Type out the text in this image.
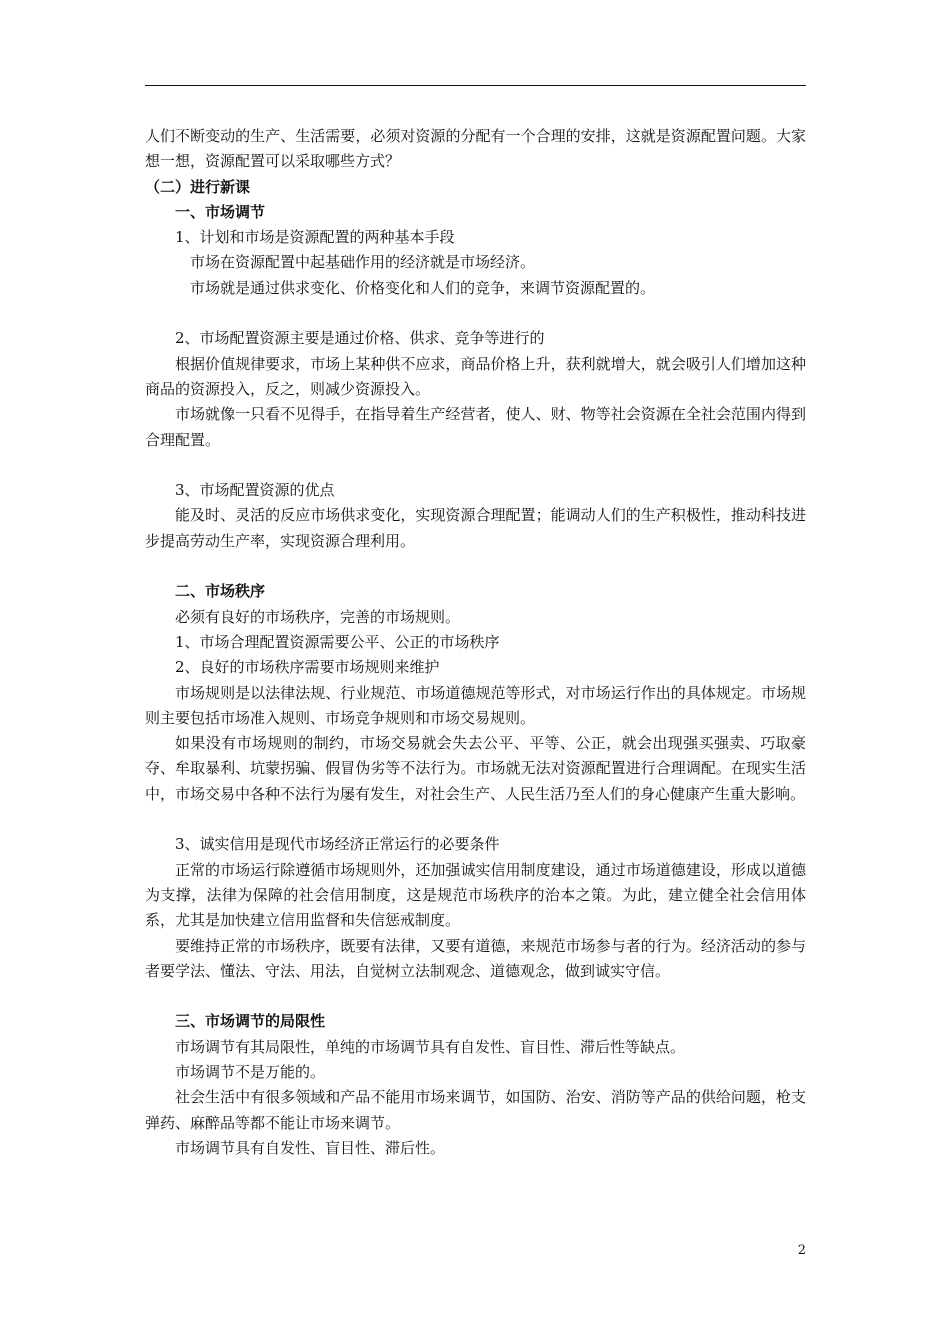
人们不断变动的生产、生活需要，必须对资源的分配有一个合理的安排，这就是资源配置问题。大家想一想，资源配置可以采取哪些方式？

（二）进行新课

一、市场调节

1、计划和市场是资源配置的两种基本手段

市场在资源配置中起基础作用的经济就是市场经济。

市场就是通过供求变化、价格变化和人们的竞争，来调节资源配置的。

2、市场配置资源主要是通过价格、供求、竞争等进行的

根据价值规律要求，市场上某种供不应求，商品价格上升，获利就增大，就会吸引人们增加这种商品的资源投入，反之，则减少资源投入。

市场就像一只看不见得手，在指导着生产经营者，使人、财、物等社会资源在全社会范围内得到合理配置。

3、市场配置资源的优点

能及时、灵活的反应市场供求变化，实现资源合理配置；能调动人们的生产积极性，推动科技进步提高劳动生产率，实现资源合理利用。

二、市场秩序

必须有良好的市场秩序，完善的市场规则。

1、市场合理配置资源需要公平、公正的市场秩序

2、良好的市场秩序需要市场规则来维护

市场规则是以法律法规、行业规范、市场道德规范等形式，对市场运行作出的具体规定。市场规则主要包括市场准入规则、市场竞争规则和市场交易规则。

如果没有市场规则的制约，市场交易就会失去公平、平等、公正，就会出现强买强卖、巧取豪夺、牟取暴利、坑蒙拐骗、假冒伪劣等不法行为。市场就无法对资源配置进行合理调配。在现实生活中，市场交易中各种不法行为屡有发生，对社会生产、人民生活乃至人们的身心健康产生重大影响。

3、诚实信用是现代市场经济正常运行的必要条件

正常的市场运行除遵循市场规则外，还加强诚实信用制度建设，通过市场道德建设，形成以道德为支撑，法律为保障的社会信用制度，这是规范市场秩序的治本之策。为此，建立健全社会信用体系，尤其是加快建立信用监督和失信惩戒制度。

要维持正常的市场秩序，既要有法律，又要有道德，来规范市场参与者的行为。经济活动的参与者要学法、懂法、守法、用法，自觉树立法制观念、道德观念，做到诚实守信。

三、市场调节的局限性

市场调节有其局限性，单纯的市场调节具有自发性、盲目性、滞后性等缺点。

市场调节不是万能的。

社会生活中有很多领域和产品不能用市场来调节，如国防、治安、消防等产品的供给问题，枪支弹药、麻醉品等都不能让市场来调节。

市场调节具有自发性、盲目性、滞后性。

2
